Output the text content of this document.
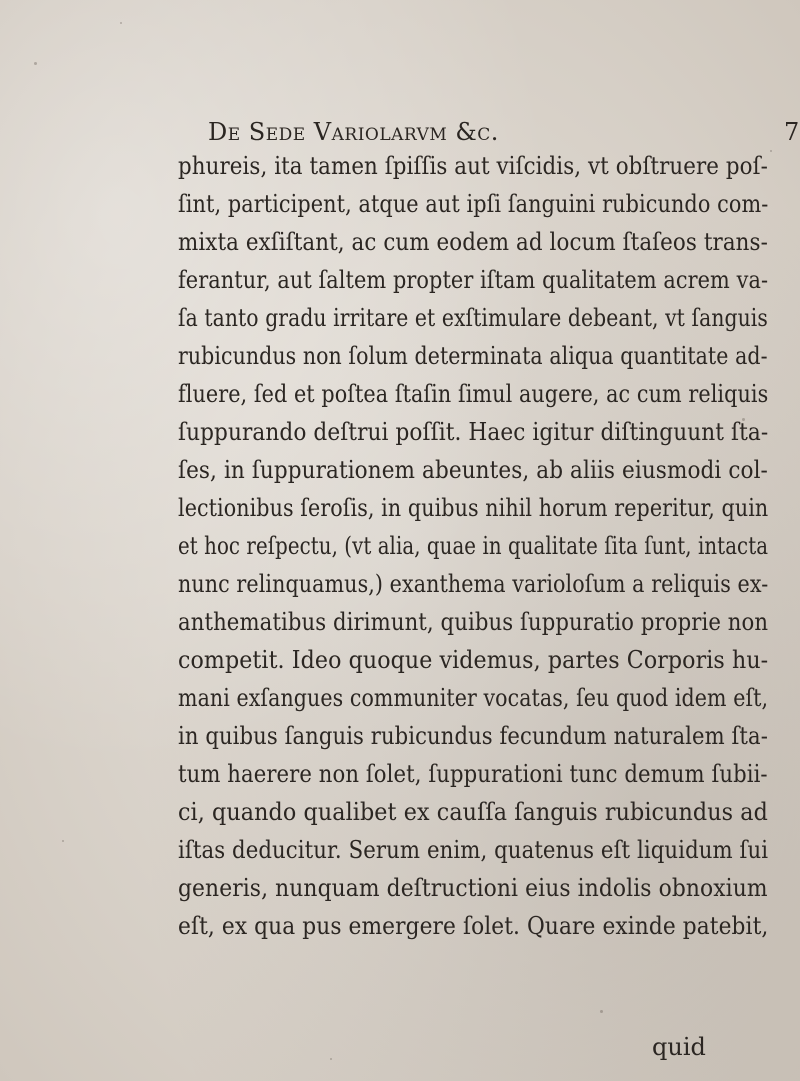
De Sede Variolarvm &c.	7
phureis, ita tamen ſpiſſis aut viſcidis, vt obſtruere poſ-
ſint, participent, atque aut ipſi ſanguini rubicundo com-
mixta exſiſtant, ac cum eodem ad locum ſtaſeos trans-
ferantur, aut ſaltem propter iſtam qualitatem acrem va-
ſa tanto gradu irritare et exſtimulare debeant, vt ſanguis
rubicundus non ſolum determinata aliqua quantitate ad-
fluere, ſed et poſtea ſtaſin ſimul augere, ac cum reliquis
ſuppurando deſtrui poſſit. Haec igitur diſtinguunt ſta-
ſes, in ſuppurationem abeuntes, ab aliis eiusmodi col-
lectionibus ſeroſis, in quibus nihil horum reperitur, quin
et hoc reſpectu, (vt alia, quae in qualitate ſita ſunt, intacta
nunc relinquamus,) exanthema varioloſum a reliquis ex-
anthematibus dirimunt, quibus ſuppuratio proprie non
competit. Ideo quoque videmus, partes Corporis hu-
mani exſangues communiter vocatas, ſeu quod idem eſt,
in quibus ſanguis rubicundus fecundum naturalem ſta-
tum haerere non ſolet, ſuppurationi tunc demum ſubii-
ci, quando qualibet ex cauſſa ſanguis rubicundus ad
iſtas deducitur. Serum enim, quatenus eſt liquidum ſui
generis, nunquam deſtructioni eius indolis obnoxium
eſt, ex qua pus emergere ſolet. Quare exinde patebit,
quid
